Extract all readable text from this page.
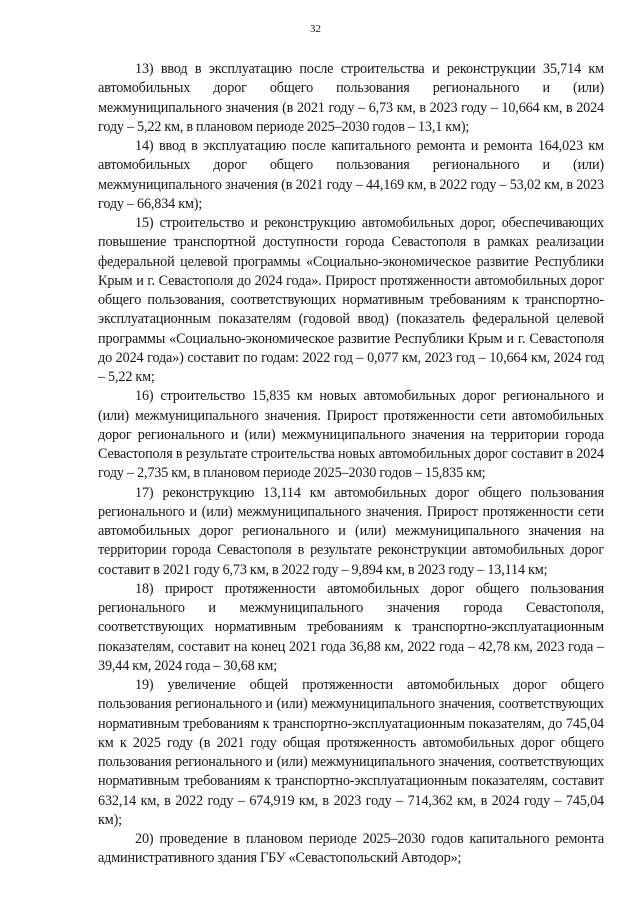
32

13) ввод в эксплуатацию после строительства и реконструкции 35,714 км автомобильных дорог общего пользования регионального и (или) межмуниципального значения (в 2021 году – 6,73 км, в 2023 году – 10,664 км, в 2024 году – 5,22 км, в плановом периоде 2025–2030 годов – 13,1 км);

14) ввод в эксплуатацию после капитального ремонта и ремонта 164,023 км автомобильных дорог общего пользования регионального и (или) межмуниципального значения (в 2021 году – 44,169 км, в 2022 году – 53,02 км, в 2023 году – 66,834 км);

15) строительство и реконструкцию автомобильных дорог, обеспечивающих повышение транспортной доступности города Севастополя в рамках реализации федеральной целевой программы «Социально-экономическое развитие Республики Крым и г. Севастополя до 2024 года». Прирост протяженности автомобильных дорог общего пользования, соответствующих нормативным требованиям к транспортно-эксплуатационным показателям (годовой ввод) (показатель федеральной целевой программы «Социально-экономическое развитие Республики Крым и г. Севастополя до 2024 года») составит по годам: 2022 год – 0,077 км, 2023 год – 10,664 км, 2024 год – 5,22 км;

16) строительство 15,835 км новых автомобильных дорог регионального и (или) межмуниципального значения. Прирост протяженности сети автомобильных дорог регионального и (или) межмуниципального значения на территории города Севастополя в результате строительства новых автомобильных дорог составит в 2024 году – 2,735 км, в плановом периоде 2025–2030 годов – 15,835 км;

17) реконструкцию 13,114 км автомобильных дорог общего пользования регионального и (или) межмуниципального значения. Прирост протяженности сети автомобильных дорог регионального и (или) межмуниципального значения на территории города Севастополя в результате реконструкции автомобильных дорог составит в 2021 году 6,73 км, в 2022 году – 9,894 км, в 2023 году – 13,114 км;

18) прирост протяженности автомобильных дорог общего пользования регионального и межмуниципального значения города Севастополя, соответствующих нормативным требованиям к транспортно-эксплуатационным показателям, составит на конец 2021 года 36,88 км, 2022 года – 42,78 км, 2023 года – 39,44 км, 2024 года – 30,68 км;

19) увеличение общей протяженности автомобильных дорог общего пользования регионального и (или) межмуниципального значения, соответствующих нормативным требованиям к транспортно-эксплуатационным показателям, до 745,04 км к 2025 году (в 2021 году общая протяженность автомобильных дорог общего пользования регионального и (или) межмуниципального значения, соответствующих нормативным требованиям к транспортно-эксплуатационным показателям, составит 632,14 км, в 2022 году – 674,919 км, в 2023 году – 714,362 км, в 2024 году – 745,04 км);

20) проведение в плановом периоде 2025–2030 годов капитального ремонта административного здания ГБУ «Севастопольский Автодор»;
